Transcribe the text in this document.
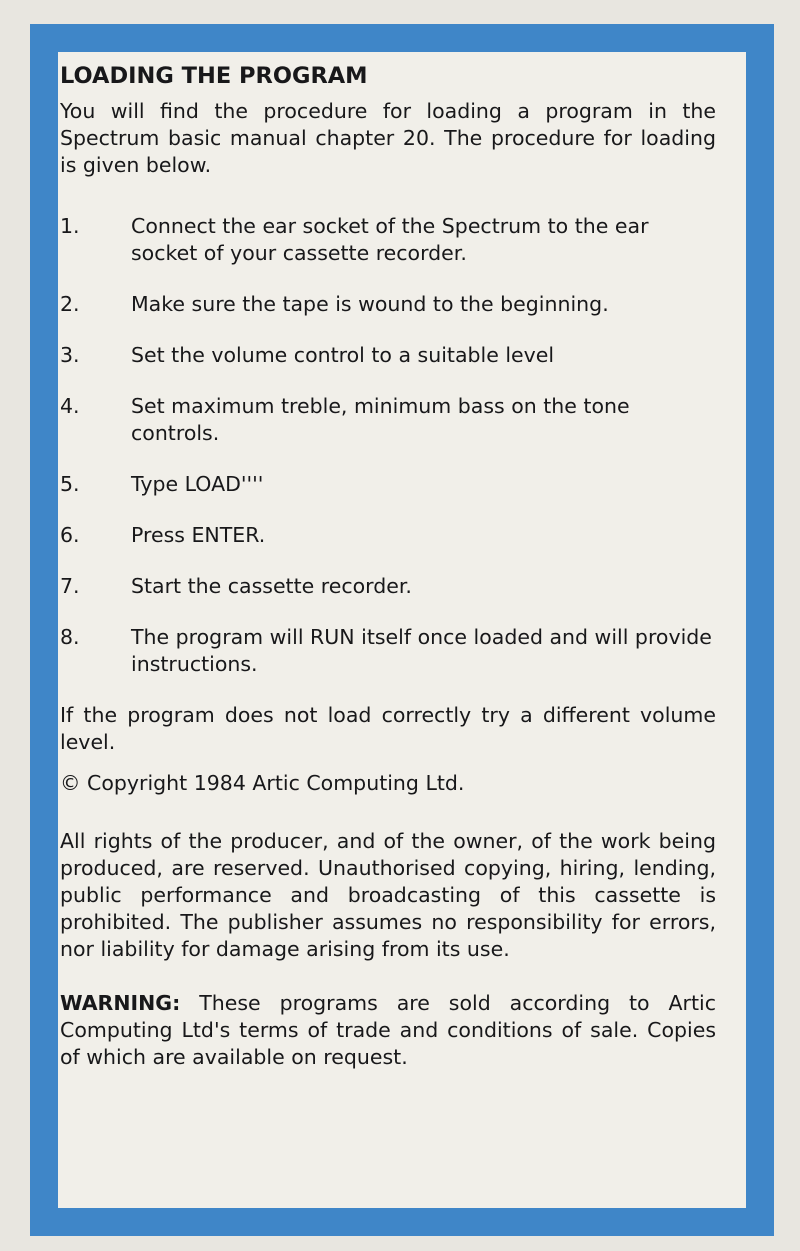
LOADING THE PROGRAM

You will find the procedure for loading a program in the Spectrum basic manual chapter 20. The procedure for loading is given below.

1.	Connect the ear socket of the Spectrum to the ear socket of your cassette recorder.
2.	Make sure the tape is wound to the beginning.
3.	Set the volume control to a suitable level
4.	Set maximum treble, minimum bass on the tone controls.
5.	Type LOAD''''
6.	Press ENTER.
7.	Start the cassette recorder.
8.	The program will RUN itself once loaded and will provide instructions.

If the program does not load correctly try a different volume level.

© Copyright 1984 Artic Computing Ltd.

All rights of the producer, and of the owner, of the work being produced, are reserved. Unauthorised copying, hiring, lending, public performance and broadcasting of this cassette is prohibited. The publisher assumes no responsibility for errors, nor liability for damage arising from its use.

WARNING: These programs are sold according to Artic Computing Ltd's terms of trade and conditions of sale. Copies of which are available on request.
